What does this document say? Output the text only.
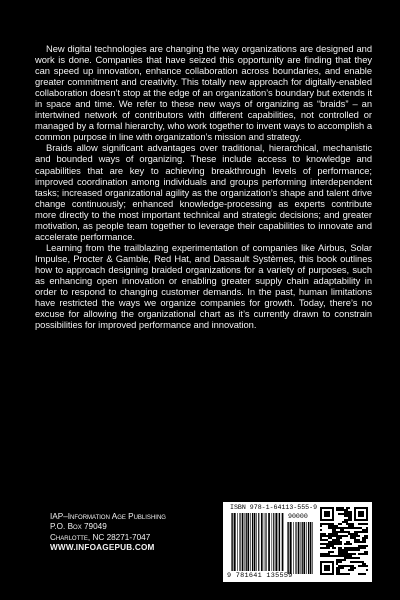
New digital technologies are changing the way organizations are designed and work is done. Companies that have seized this opportunity are finding that they can speed up innovation, enhance collaboration across boundaries, and enable greater commitment and creativity. This totally new approach for digitally-enabled collaboration doesn’t stop at the edge of an organization’s boundary but extends it in space and time. We refer to these new ways of organizing as “braids” – an intertwined network of contributors with different capabilities, not controlled or managed by a formal hierarchy, who work together to invent ways to accomplish a common purpose in line with organization’s mission and strategy.

Braids allow significant advantages over traditional, hierarchical, mechanistic and bounded ways of organizing. These include access to knowledge and capabilities that are key to achieving breakthrough levels of performance; improved coordination among individuals and groups performing interdependent tasks; increased organizational agility as the organization’s shape and talent drive change continuously; enhanced knowledge-processing as experts contribute more directly to the most important technical and strategic decisions; and greater motivation, as people team together to leverage their capabilities to innovate and accelerate performance.

Learning from the trailblazing experimentation of companies like Airbus, Solar Impulse, Procter & Gamble, Red Hat, and Dassault Systèmes, this book outlines how to approach designing braided organizations for a variety of purposes, such as enhancing open innovation or enabling greater supply chain adaptability in order to respond to changing customer demands. In the past, human limitations have restricted the ways we organize companies for growth. Today, there’s no excuse for allowing the organizational chart as it’s currently drawn to constrain possibilities for improved performance and innovation.

IAP–Information Age Publishing
P.O. Box 79049
Charlotte, NC 28271-7047
WWW.INFOAGEPUB.COM
ISBN 978-1-64113-555-9
90000
9 781641 135559
